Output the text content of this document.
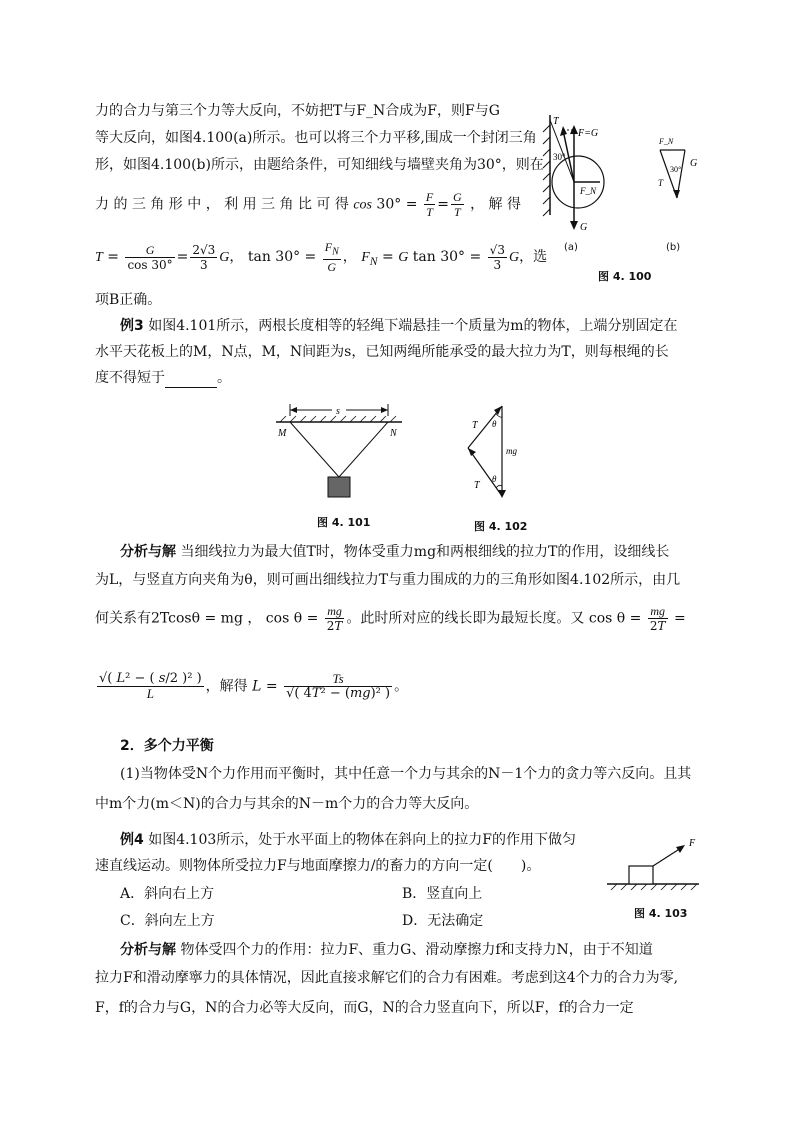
力的合力与第三个力等大反向，不妨把T与F_N合成为F，则F与G
等大反向，如图4.100(a)所示。也可以将三个力平移,围成一个封闭三角
形，如图4.100(b)所示，由题给条件，可知细线与墙壁夹角为30°，则在
力 的 三 角 形 中 ， 利 用 三 角 比 可 得 $\cos 30^\circ = \frac{F}{T} = \frac{G}{T}$ ， 解 得
$T = \frac{G}{\cos 30^\circ} = \frac{2√3}{3}$ G， $\tan 30^\circ = \frac{F_N}{G}$ ， $F_N = G$ $\tan 30^\circ = \frac{√3}{3}$ G，选
项B正确。
T
F=G
30°
F_N
G
F_N
T
30°
G
(a)	(b)
图 4. 100
例3 如图4.101所示，两根长度相等的轻绳下端悬挂一个质量为m的物体，上端分别固定在
水平天花板上的M，N点，M，N间距为s，已知两绳所能承受的最大拉力为T，则每根绳的长
度不得短于	。
s
M	N
图 4. 101
T
T
mg
θ
θ
图 4. 102
分析与解 当细线拉力为最大值T时，物体受重力mg和两根细线的拉力T的作用，设细线长
为L，与竖直方向夹角为θ，则可画出细线拉力T与重力围成的力的三角形如图4.102所示，由几
何关系有2Tcosθ = mg ， $\cos \theta = \frac{mg}{2T}$ 。此时所对应的线长即为最短长度。又 $\cos \theta = \frac{mg}{2T}$ =
$\frac{\text{√( L² − ( s/2 )² )}}{L}$ ，解得 $L = \frac{Ts}{\text{√( 4T² − (mg)² )}}$ 。
2．多个力平衡
(1)当物体受N个力作用而平衡时，其中任意一个力与其余的N－1个力的贪力等六反向。且其
中m个力(m＜N)的合力与其余的N－m个力的合力等大反向。
例4 如图4.103所示，处于水平面上的物体在斜向上的拉力F的作用下做匀
速直线运动。则物体所受拉力F与地面摩擦力/的畜力的方向一定(　　)。
A．斜向右上方	B．竖直向上
C．斜向左上方	D．无法确定
F
图 4. 103
分析与解 物体受四个力的作用：拉力F、重力G、滑动摩擦力f和支持力N，由于不知道
拉力F和滑动摩寧力的具体情况，因此直接求解它们的合力有困难。考虑到这4个力的合力为零,
F，f的合力与G，N的合力必等大反向，而G，N的合力竖直向下，所以F，f的合力一定
